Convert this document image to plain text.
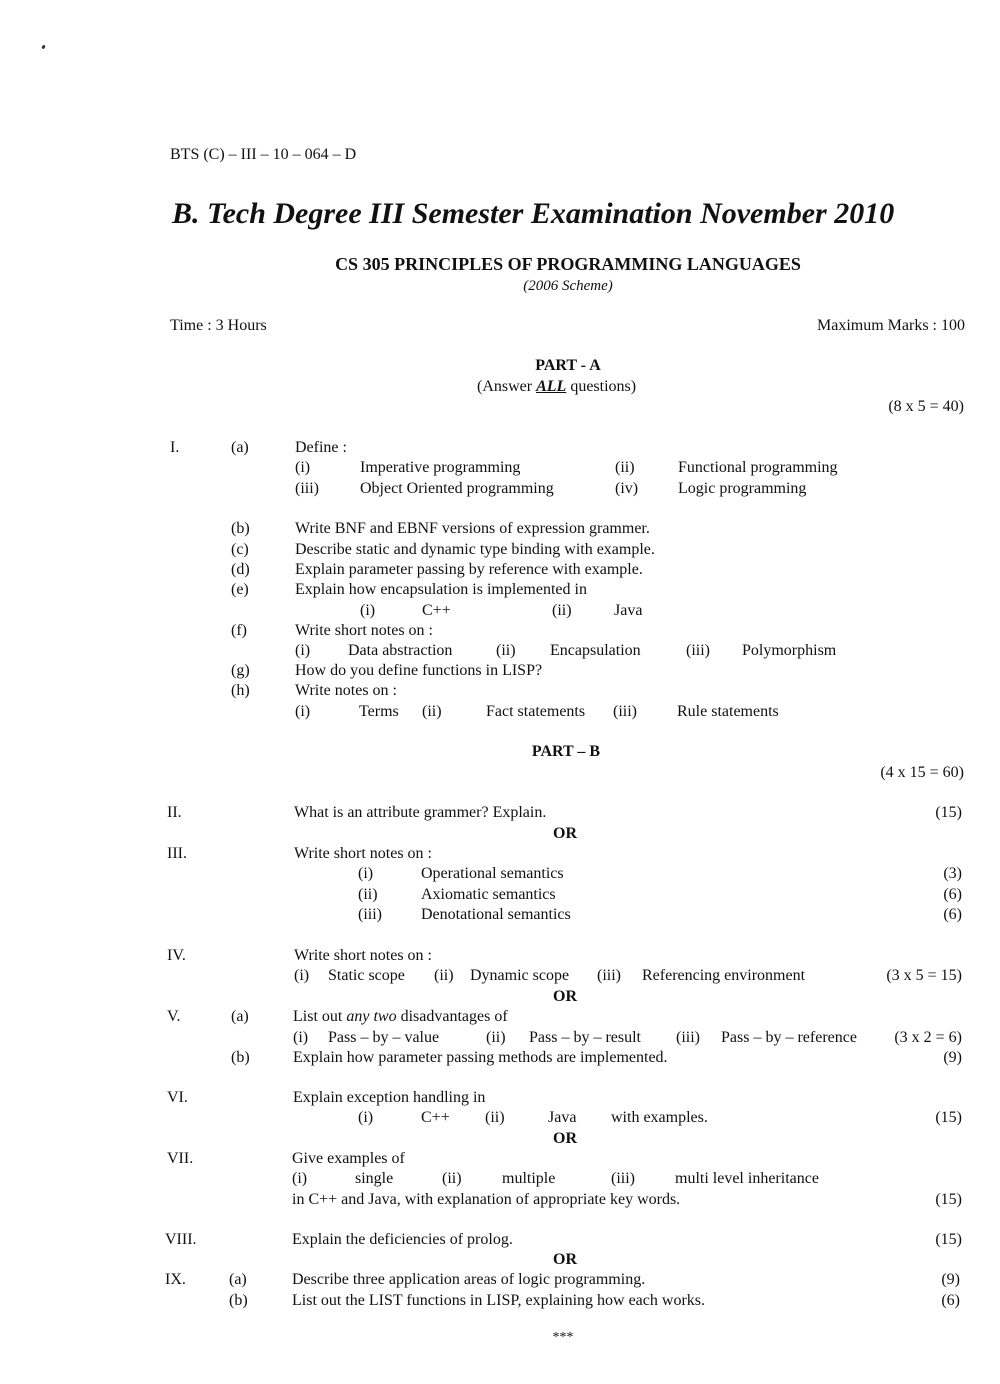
BTS (C) – III – 10 – 064 – D
B. Tech Degree III Semester Examination November 2010
CS 305 PRINCIPLES OF PROGRAMMING LANGUAGES
(2006 Scheme)
Time : 3 Hours	Maximum Marks : 100
PART - A
(Answer ALL questions)
(8 x 5 = 40)
I.	(a)	Define :
(i)	Imperative programming	(ii)	Functional programming
(iii)	Object Oriented programming	(iv) Logic programming
(b)	Write BNF and EBNF versions of expression grammer.
(c)	Describe static and dynamic type binding with example.
(d)	Explain parameter passing by reference with example.
(e)	Explain how encapsulation is implemented in
(i)	C++	(ii)	Java
(f)	Write short notes on :
(i) Data abstraction	(ii) Encapsulation	(iii) Polymorphism
(g)	How do you define functions in LISP?
(h)	Write notes on :
(i)	Terms (ii)	Fact statements (iii)	Rule statements
PART – B
(4 x 15 = 60)
II.	What is an attribute grammer? Explain.	(15)
OR
III.	Write short notes on :
(i)	Operational semantics	(3)
(ii)	Axiomatic semantics	(6)
(iii) Denotational semantics	(6)
IV.	Write short notes on :
(i) Static scope (ii) Dynamic scope (iii) Referencing environment	(3 x 5 = 15)
OR
V.	(a)	List out any two disadvantages of
(i) Pass – by – value	(ii) Pass – by – result (iii) Pass – by – reference	(3 x 2 = 6)
(b)	Explain how parameter passing methods are implemented.	(9)
VI.	Explain exception handling in
(i)	C++ (ii)	Java with examples.	(15)
OR
VII.	Give examples of
(i)	single	(ii)	multiple	(iii)	multi level inheritance
in C++ and Java, with explanation of appropriate key words.	(15)
VIII.	Explain the deficiencies of prolog.	(15)
OR
IX.	(a)	Describe three application areas of logic programming.	(9)
(b)	List out the LIST functions in LISP, explaining how each works.	(6)
***
